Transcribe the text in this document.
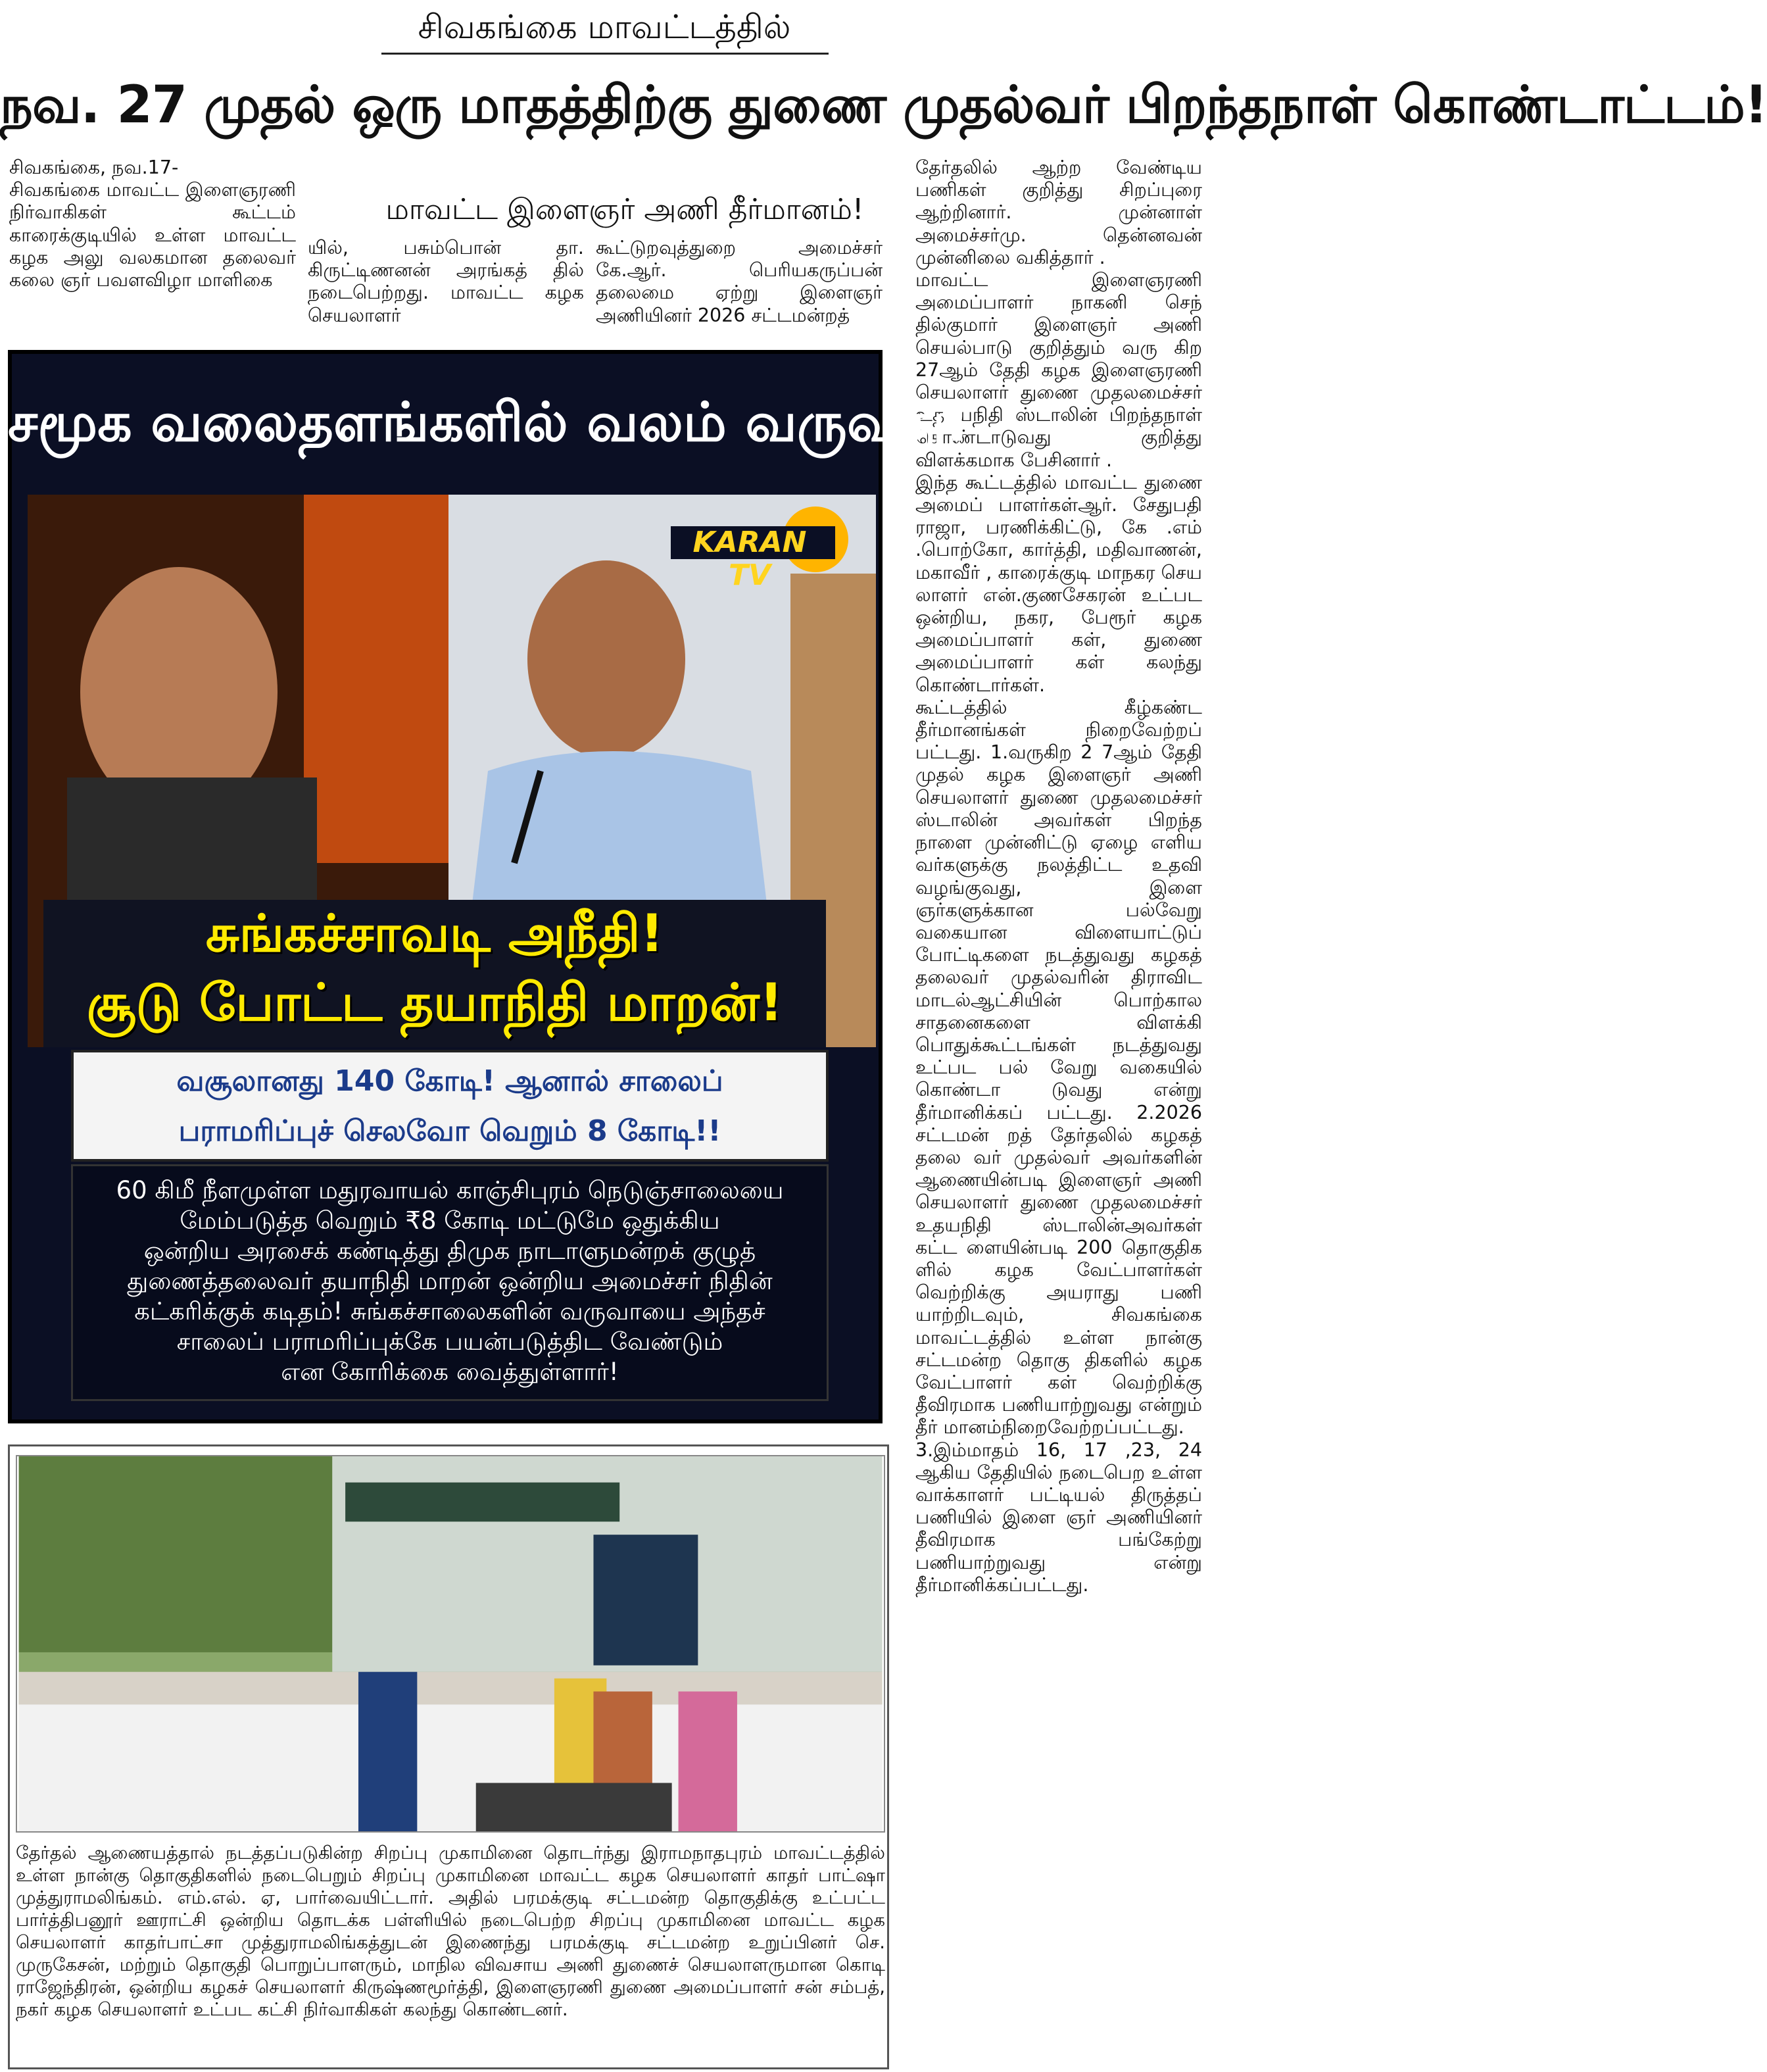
சிவகங்கை மாவட்டத்தில்
நவ. 27 முதல் ஒரு மாதத்திற்கு துணை முதல்வர் பிறந்தநாள் கொண்டாட்டம்!
சிவகங்கை, நவ.17-
சிவகங்கை மாவட்ட இளைஞரணி நிர்வாகிகள் கூட்டம் காரைக்குடியில் உள்ள மாவட்ட கழக அலு வலகமான தலைவர் கலை ஞர் பவளவிழா மாளிகை
மாவட்ட இளைஞர் அணி தீர்மானம்!
யில், பசும்பொன் தா. கிருட்டிணனன் அரங்கத் தில் நடைபெற்றது. மாவட்ட கழக செயலாளர்
கூட்டுறவுத்துறை அமைச்சர் கே.ஆர். பெரியகருப்பன் தலைமை ஏற்று இளைஞர் அணியினர் 2026 சட்டமன்றத்
தேர்தலில் ஆற்ற வேண்டிய பணிகள் குறித்து சிறப்புரை ஆற்றினார். முன்னாள் அமைச்சர்மு. தென்னவன் முன்னிலை வகித்தார் .
மாவட்ட இளைஞரணி அமைப்பாளர் நாகனி செந் தில்குமார் இளைஞர் அணி செயல்பாடு குறித்தும் வரு கிற 27ஆம் தேதி கழக இளைஞரணி செயலாளர் துணை முதலமைச்சர் உத யநிதி ஸ்டாலின் பிறந்தநாள் கொண்டாடுவது குறித்து விளக்கமாக பேசினார் .
இந்த கூட்டத்தில் மாவட்ட துணை அமைப் பாளர்கள்ஆர். சேதுபதி ராஜா, பரணிக்கிட்டு, கே .எம் .பொற்கோ, கார்த்தி, மதிவாணன், மகாவீர் , காரைக்குடி மாநகர செய லாளர் என்.குணசேகரன் உட்பட ஒன்றிய, நகர, பேரூர் கழக அமைப்பாளர் கள், துணை அமைப்பாளர் கள் கலந்து கொண்டார்கள்.
கூட்டத்தில் கீழ்கண்ட தீர்மானங்கள் நிறைவேற்றப் பட்டது. 1.வருகிற 2 7ஆம் தேதி முதல் கழக இளைஞர் அணி செயலாளர் துணை முதலமைச்சர் ஸ்டாலின் அவர்கள் பிறந்த நாளை முன்னிட்டு ஏழை எளிய வர்களுக்கு நலத்திட்ட உதவி வழங்குவது, இளை ஞர்களுக்கான பல்வேறு வகையான விளையாட்டுப் போட்டிகளை நடத்துவது கழகத் தலைவர் முதல்வரின் திராவிட மாடல்ஆட்சியின் பொற்கால சாதனைகளை விளக்கி பொதுக்கூட்டங்கள் நடத்துவது உட்பட பல் வேறு வகையில் கொண்டா டுவது என்று தீர்மானிக்கப் பட்டது. 2.2026 சட்டமன் றத் தேர்தலில் கழகத் தலை வர் முதல்வர் அவர்களின் ஆணையின்படி இளைஞர் அணி செயலாளர் துணை முதலமைச்சர் உதயநிதி ஸ்டாலின்அவர்கள் கட்ட ளையின்படி 200 தொகுதிக ளில் கழக வேட்பாளர்கள் வெற்றிக்கு அயராது பணி யாற்றிடவும், சிவகங்கை மாவட்டத்தில் உள்ள நான்கு சட்டமன்ற தொகு திகளில் கழக வேட்பாளர் கள் வெற்றிக்கு தீவிரமாக பணியாற்றுவது என்றும் தீர் மானம்நிறைவேற்றப்பட்டது.
3.இம்மாதம் 16, 17 ,23, 24 ஆகிய தேதியில் நடைபெற உள்ள வாக்காளர் பட்டியல் திருத்தப் பணியில் இளை ஞர் அணியினர் தீவிரமாக பங்கேற்று பணியாற்றுவது என்று தீர்மானிக்கப்பட்டது.
சமூக வலைதளங்களில் வலம் வருவது!
KARAN TV
சுங்கச்சாவடி அநீதி!
சூடு போட்ட தயாநிதி மாறன்!
வசூலானது 140 கோடி! ஆனால் சாலைப்
பராமரிப்புச் செலவோ வெறும் 8 கோடி!!
60 கிமீ நீளமுள்ள மதுரவாயல் காஞ்சிபுரம் நெடுஞ்சாலையை
மேம்படுத்த வெறும் ₹8 கோடி மட்டுமே ஒதுக்கிய
ஒன்றிய அரசைக் கண்டித்து திமுக நாடாளுமன்றக் குழுத்
துணைத்தலைவர் தயாநிதி மாறன் ஒன்றிய அமைச்சர் நிதின்
கட்கரிக்குக் கடிதம்! சுங்கச்சாலைகளின் வருவாயை அந்தச்
சாலைப் பராமரிப்புக்கே பயன்படுத்திட வேண்டும்
என கோரிக்கை வைத்துள்ளார்!
தேர்தல் ஆணையத்தால் நடத்தப்படுகின்ற சிறப்பு முகாமினை தொடர்ந்து இராமநாதபுரம் மாவட்டத்தில் உள்ள நான்கு தொகுதிகளில் நடைபெறும் சிறப்பு முகாமினை மாவட்ட கழக செயலாளர் காதர் பாட்ஷா முத்துராமலிங்கம். எம்.எல். ஏ, பார்வையிட்டார். அதில் பரமக்குடி சட்டமன்ற தொகுதிக்கு உட்பட்ட பார்த்திபனூர் ஊராட்சி ஒன்றிய தொடக்க பள்ளியில் நடைபெற்ற சிறப்பு முகாமினை மாவட்ட கழக செயலாளர் காதர்பாட்சா முத்துராமலிங்கத்துடன் இணைந்து பரமக்குடி சட்டமன்ற உறுப்பினர் செ. முருகேசன், மற்றும் தொகுதி பொறுப்பாளரும், மாநில விவசாய அணி துணைச் செயலாளருமான கொடி ராஜேந்திரன், ஒன்றிய கழகச் செயலாளர் கிருஷ்ணமூர்த்தி, இளைஞரணி துணை அமைப்பாளர் சன் சம்பத், நகர் கழக செயலாளர் உட்பட கட்சி நிர்வாகிகள் கலந்து கொண்டனர்.
